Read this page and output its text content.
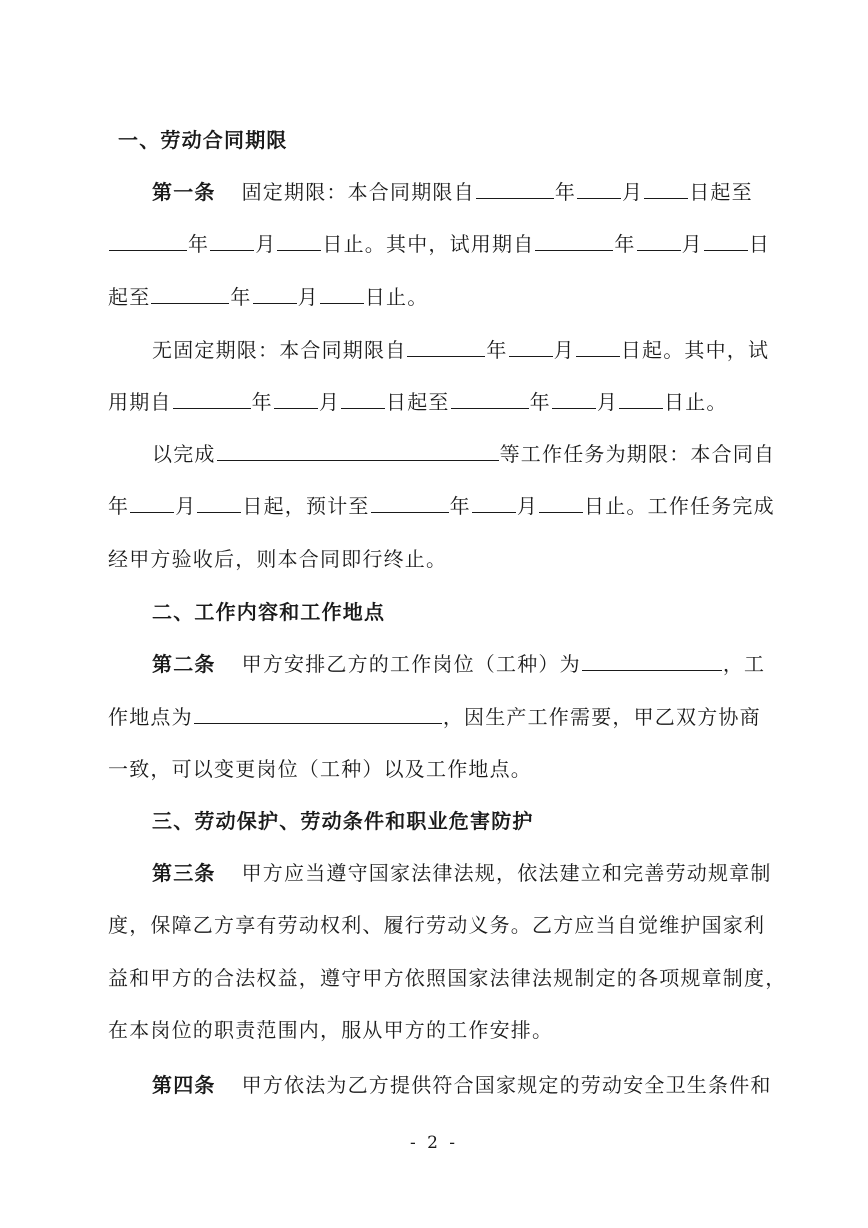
一、劳动合同期限
第一条 固定期限：本合同期限自	年 月 日起至
年 月 日止。其中，试用期自	年 月 日
起至	年 月 日止。
无固定期限：本合同期限自	年 月 日起。其中，试
用期自	年 月 日起至	年 月 日止。
以完成	等工作任务为期限：本合同自
年 月 日起，预计至	年 月 日止。工作任务完成
经甲方验收后，则本合同即行终止。
二、工作内容和工作地点
第二条 甲方安排乙方的工作岗位（工种）为	，工
作地点为	，因生产工作需要，甲乙双方协商
一致，可以变更岗位（工种）以及工作地点。
三、劳动保护、劳动条件和职业危害防护
第三条 甲方应当遵守国家法律法规，依法建立和完善劳动规章制
度，保障乙方享有劳动权利、履行劳动义务。乙方应当自觉维护国家利
益和甲方的合法权益，遵守甲方依照国家法律法规制定的各项规章制度，
在本岗位的职责范围内，服从甲方的工作安排。
第四条 甲方依法为乙方提供符合国家规定的劳动安全卫生条件和
- 2 -
